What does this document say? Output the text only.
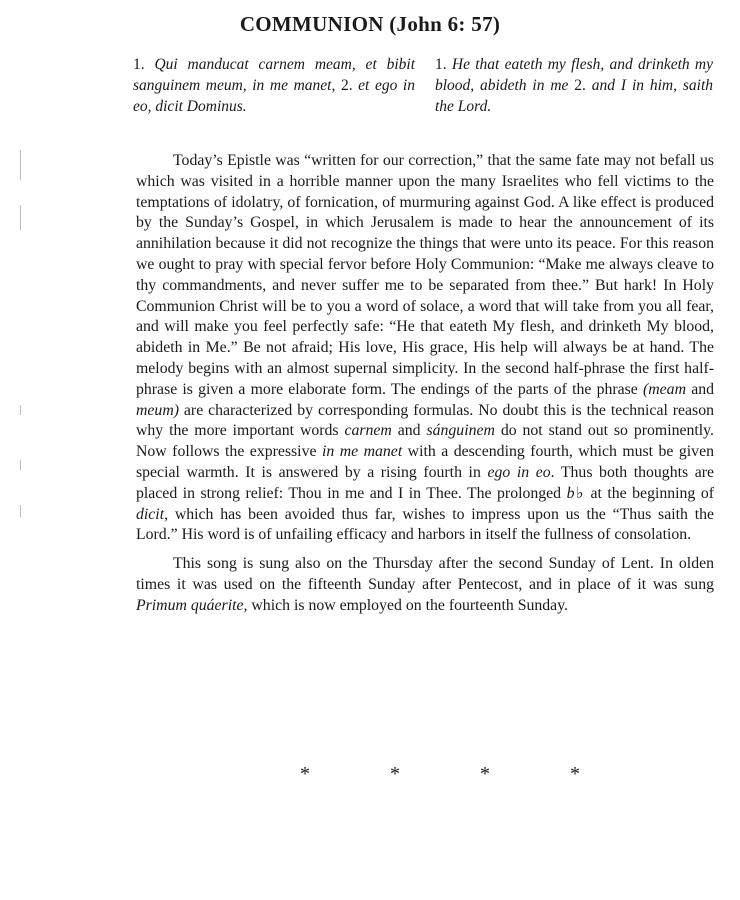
COMMUNION (John 6: 57)
1. Qui manducat carnem meam, et bibit sanguinem meum, in me manet, 2. et ego in eo, dicit Dominus.
1. He that eateth my flesh, and drinketh my blood, abideth in me 2. and I in him, saith the Lord.

Today’s Epistle was “written for our correction,” that the same fate may not befall us which was visited in a horrible manner upon the many Israelites who fell victims to the temptations of idolatry, of fornication, of murmuring against God. A like effect is produced by the Sunday’s Gospel, in which Jerusalem is made to hear the announcement of its annihilation because it did not recognize the things that were unto its peace. For this reason we ought to pray with special fervor before Holy Communion: “Make me always cleave to thy commandments, and never suffer me to be separated from thee.” But hark! In Holy Communion Christ will be to you a word of solace, a word that will take from you all fear, and will make you feel perfectly safe: “He that eateth My flesh, and drinketh My blood, abideth in Me.” Be not afraid; His love, His grace, His help will always be at hand. The melody begins with an almost supernal simplicity. In the second half-phrase the first half-phrase is given a more elaborate form. The endings of the parts of the phrase (meam and meum) are characterized by corresponding formulas. No doubt this is the technical reason why the more important words carnem and sánguinem do not stand out so prominently. Now follows the expressive in me manet with a descending fourth, which must be given special warmth. It is answered by a rising fourth in ego in eo. Thus both thoughts are placed in strong relief: Thou in me and I in Thee. The prolonged b♭ at the beginning of dicit, which has been avoided thus far, wishes to impress upon us the “Thus saith the Lord.” His word is of unfailing efficacy and harbors in itself the fullness of consolation.

This song is sung also on the Thursday after the second Sunday of Lent. In olden times it was used on the fifteenth Sunday after Pentecost, and in place of it was sung Primum quáerite, which is now employed on the fourteenth Sunday.

*	*	*	*
